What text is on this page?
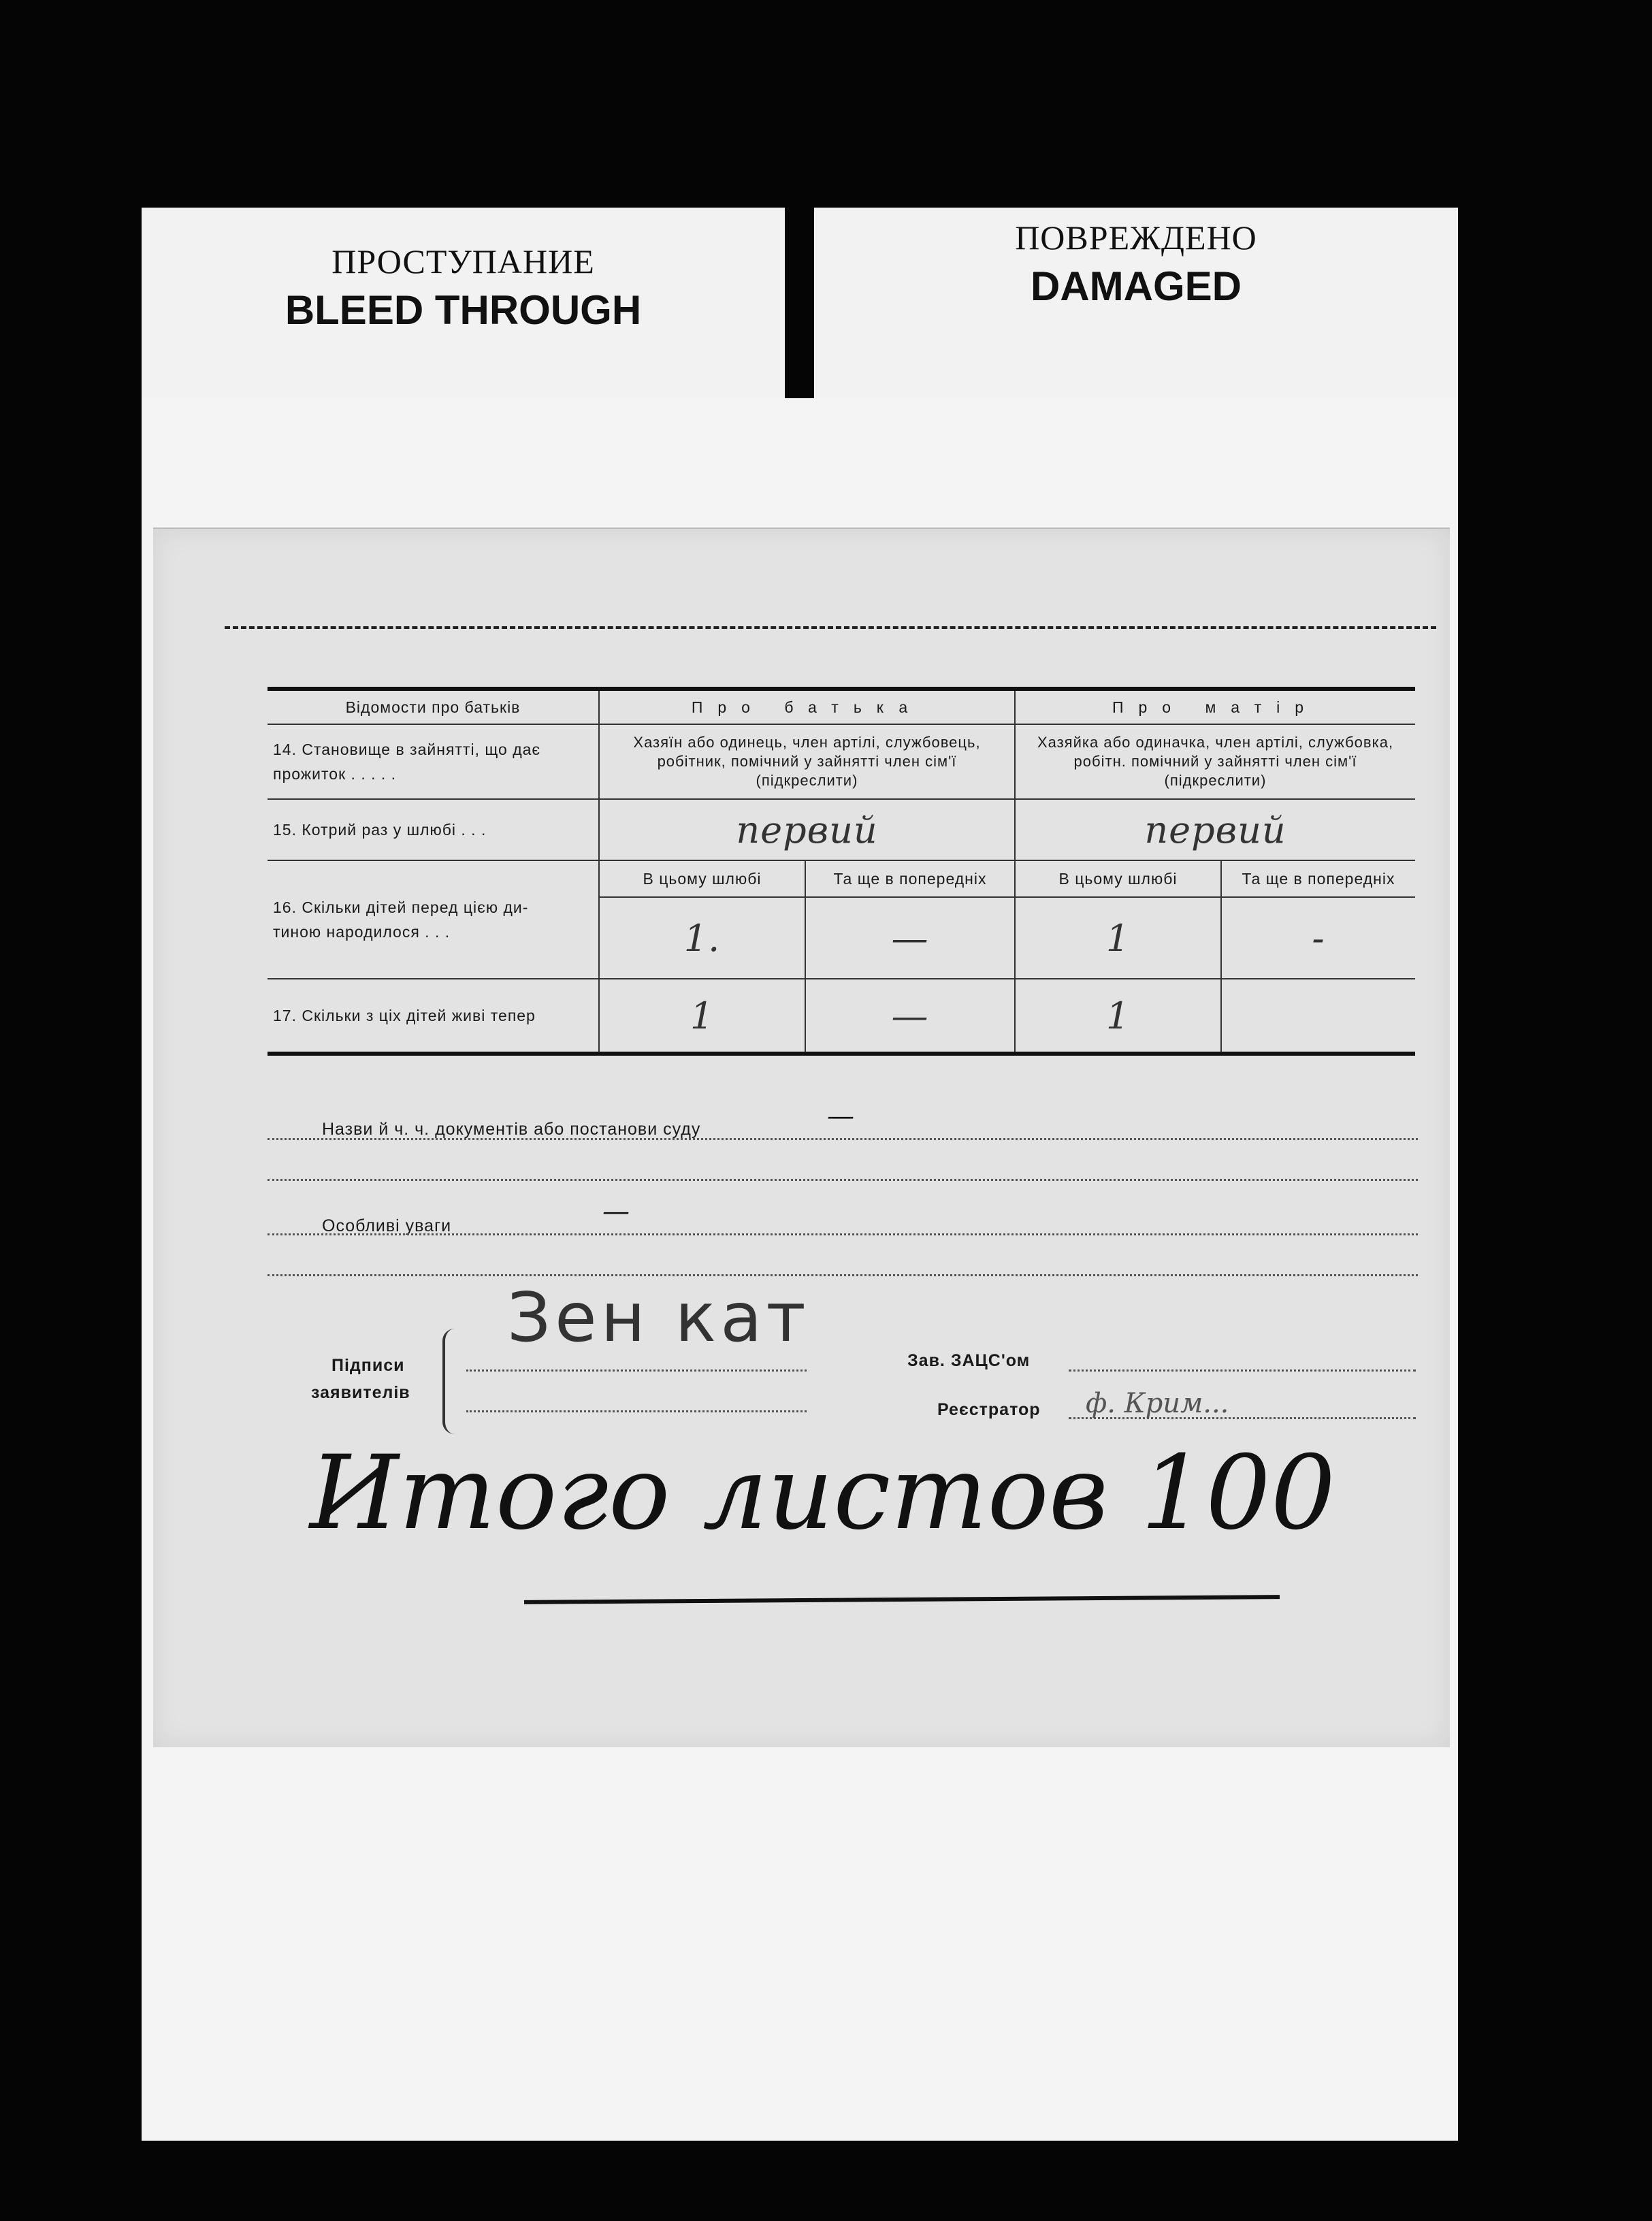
ПРОСТУПАНИЕ
BLEED THROUGH
ПОВРЕЖДЕНО
DAMAGED
Відомости про батьків	Про батька		Про матір	

14. Становище в зайнятті, що дає
прожиток . . . . .	Хазяїн або одинець, член артілі, службовець, робітник, помічний у зайнятті член сім'ї (підкреслити)		Хазяйка або одиначка, член артілі, службовка, робітн. помічний у зайнятті член сім'ї (підкреслити)	
15. Котрий раз у шлюбі . . .	первий		первий	

16. Скільки дітей перед цією ди-
тиною народилося . . .	В цьому шлюбі	Та ще в попередніх	В цьому шлюбі	Та ще в попередніх
	1.	—	1	-
17. Скільки з ціх дітей живі тепер	1	—	1	
Назви й ч. ч. документів або постанови суду	—
Особливі уваги	—
Підписи
заявителів
Зен кат
Зав. ЗАЦС'ом
Реєстратор ф. Крим...
Итого листов 100
